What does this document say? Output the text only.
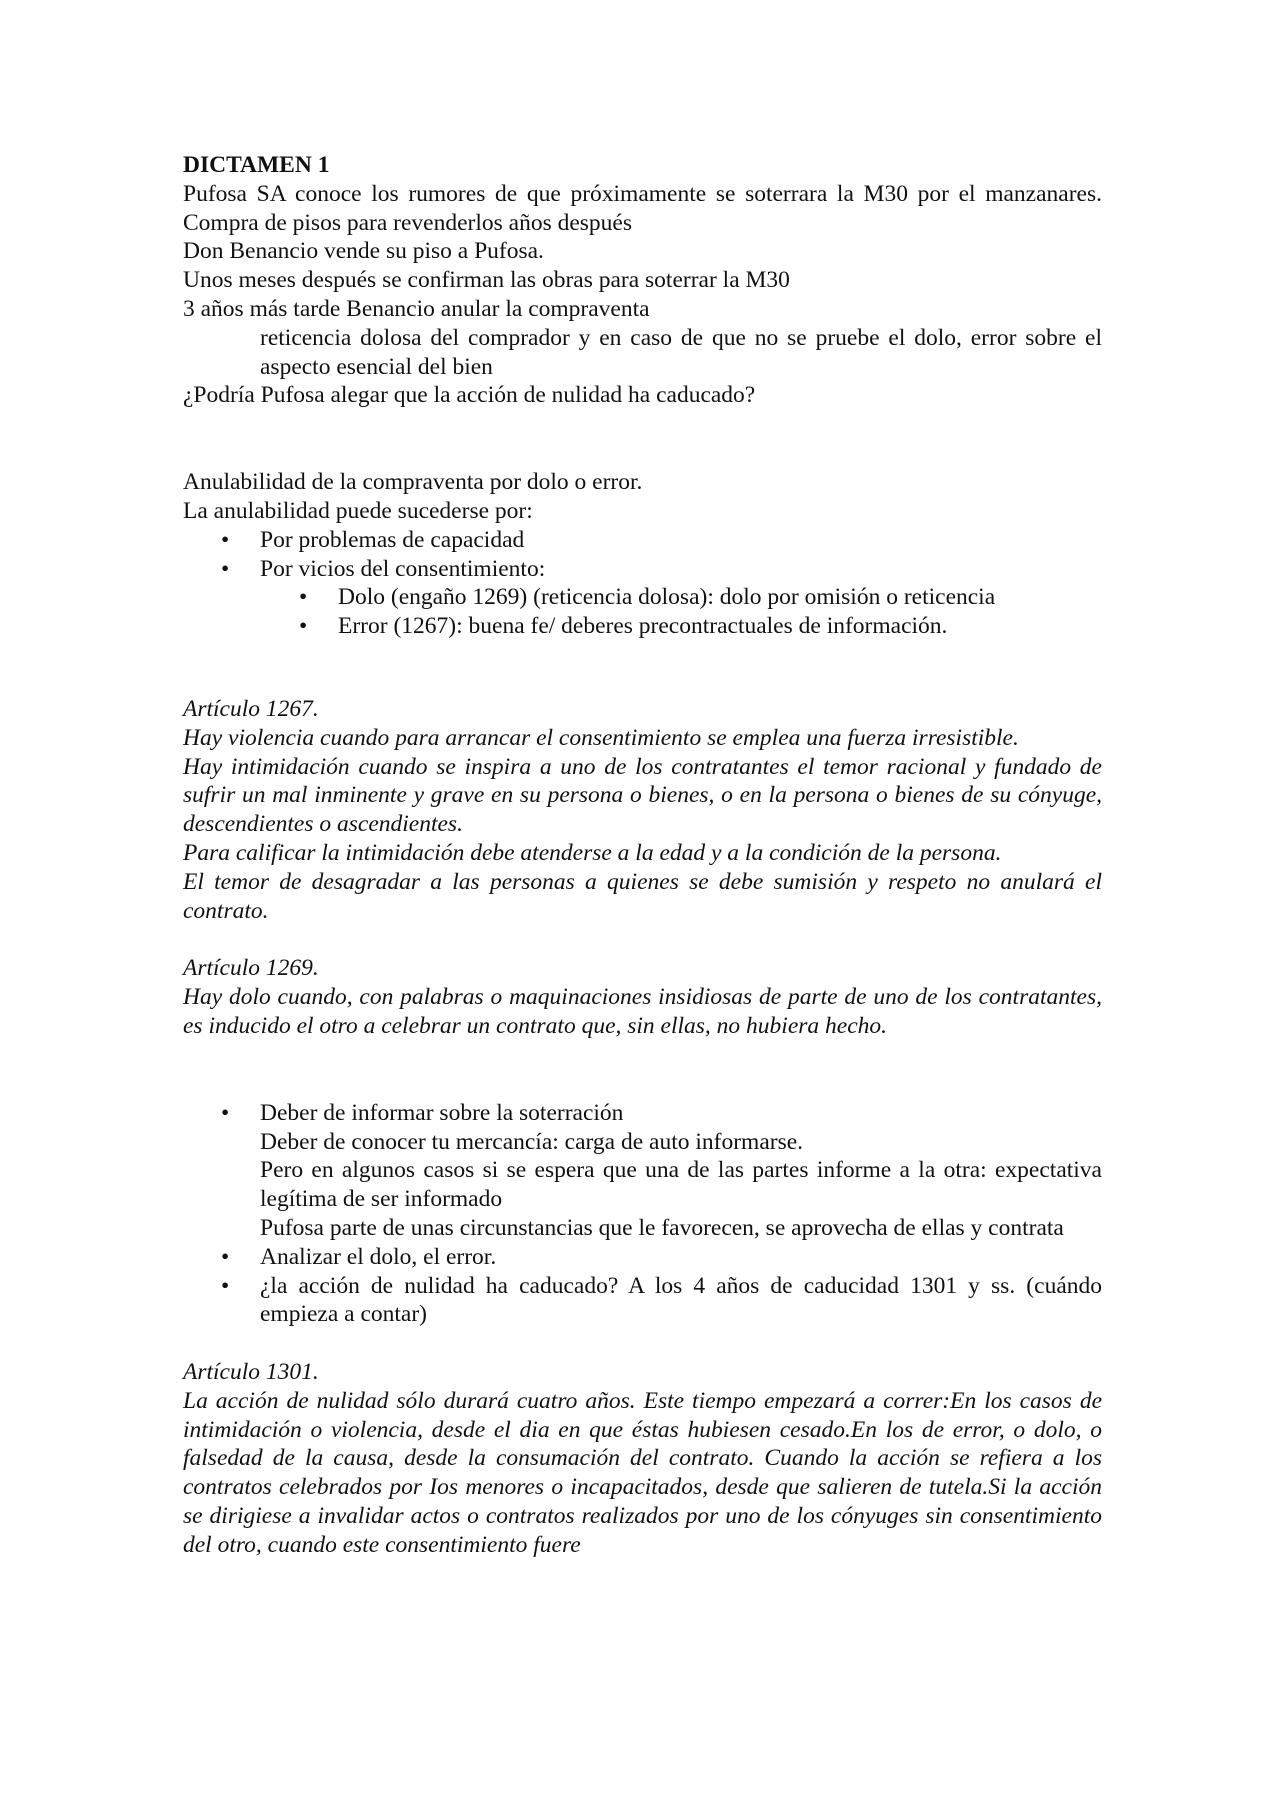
DICTAMEN 1

Pufosa SA conoce los rumores de que próximamente se soterrara la M30 por el manzanares. Compra de pisos para revenderlos años después

Don Benancio vende su piso a Pufosa.

Unos meses después se confirman las obras para soterrar la M30

3 años más tarde Benancio anular la compraventa

reticencia dolosa del comprador y en caso de que no se pruebe el dolo, error sobre el aspecto esencial del bien

¿Podría Pufosa alegar que la acción de nulidad ha caducado?

Anulabilidad de la compraventa por dolo o error.

La anulabilidad puede sucederse por:

• Por problemas de capacidad
• Por vicios del consentimiento:
• Dolo (engaño 1269) (reticencia dolosa): dolo por omisión o reticencia
• Error (1267): buena fe/ deberes precontractuales de información.

Artículo 1267.

Hay violencia cuando para arrancar el consentimiento se emplea una fuerza irresistible.

Hay intimidación cuando se inspira a uno de los contratantes el temor racional y fundado de sufrir un mal inminente y grave en su persona o bienes, o en la persona o bienes de su cónyuge, descendientes o ascendientes.

Para calificar la intimidación debe atenderse a la edad y a la condición de la persona.

El temor de desagradar a las personas a quienes se debe sumisión y respeto no anulará el contrato.

Artículo 1269.

Hay dolo cuando, con palabras o maquinaciones insidiosas de parte de uno de los contratantes, es inducido el otro a celebrar un contrato que, sin ellas, no hubiera hecho.

• Deber de informar sobre la soterración

Deber de conocer tu mercancía: carga de auto informarse.

Pero en algunos casos si se espera que una de las partes informe a la otra: expectativa legítima de ser informado

Pufosa parte de unas circunstancias que le favorecen, se aprovecha de ellas y contrata

• Analizar el dolo, el error.
• ¿la acción de nulidad ha caducado? A los 4 años de caducidad 1301 y ss. (cuándo empieza a contar)

Artículo 1301.

La acción de nulidad sólo durará cuatro años. Este tiempo empezará a correr:En los casos de intimidación o violencia, desde el dia en que éstas hubiesen cesado.En los de error, o dolo, o falsedad de la causa, desde la consumación del contrato. Cuando la acción se refiera a los contratos celebrados por Ios menores o incapacitados, desde que salieren de tutela.Si la acción se dirigiese a invalidar actos o contratos realizados por uno de los cónyuges sin consentimiento del otro, cuando este consentimiento fuere
